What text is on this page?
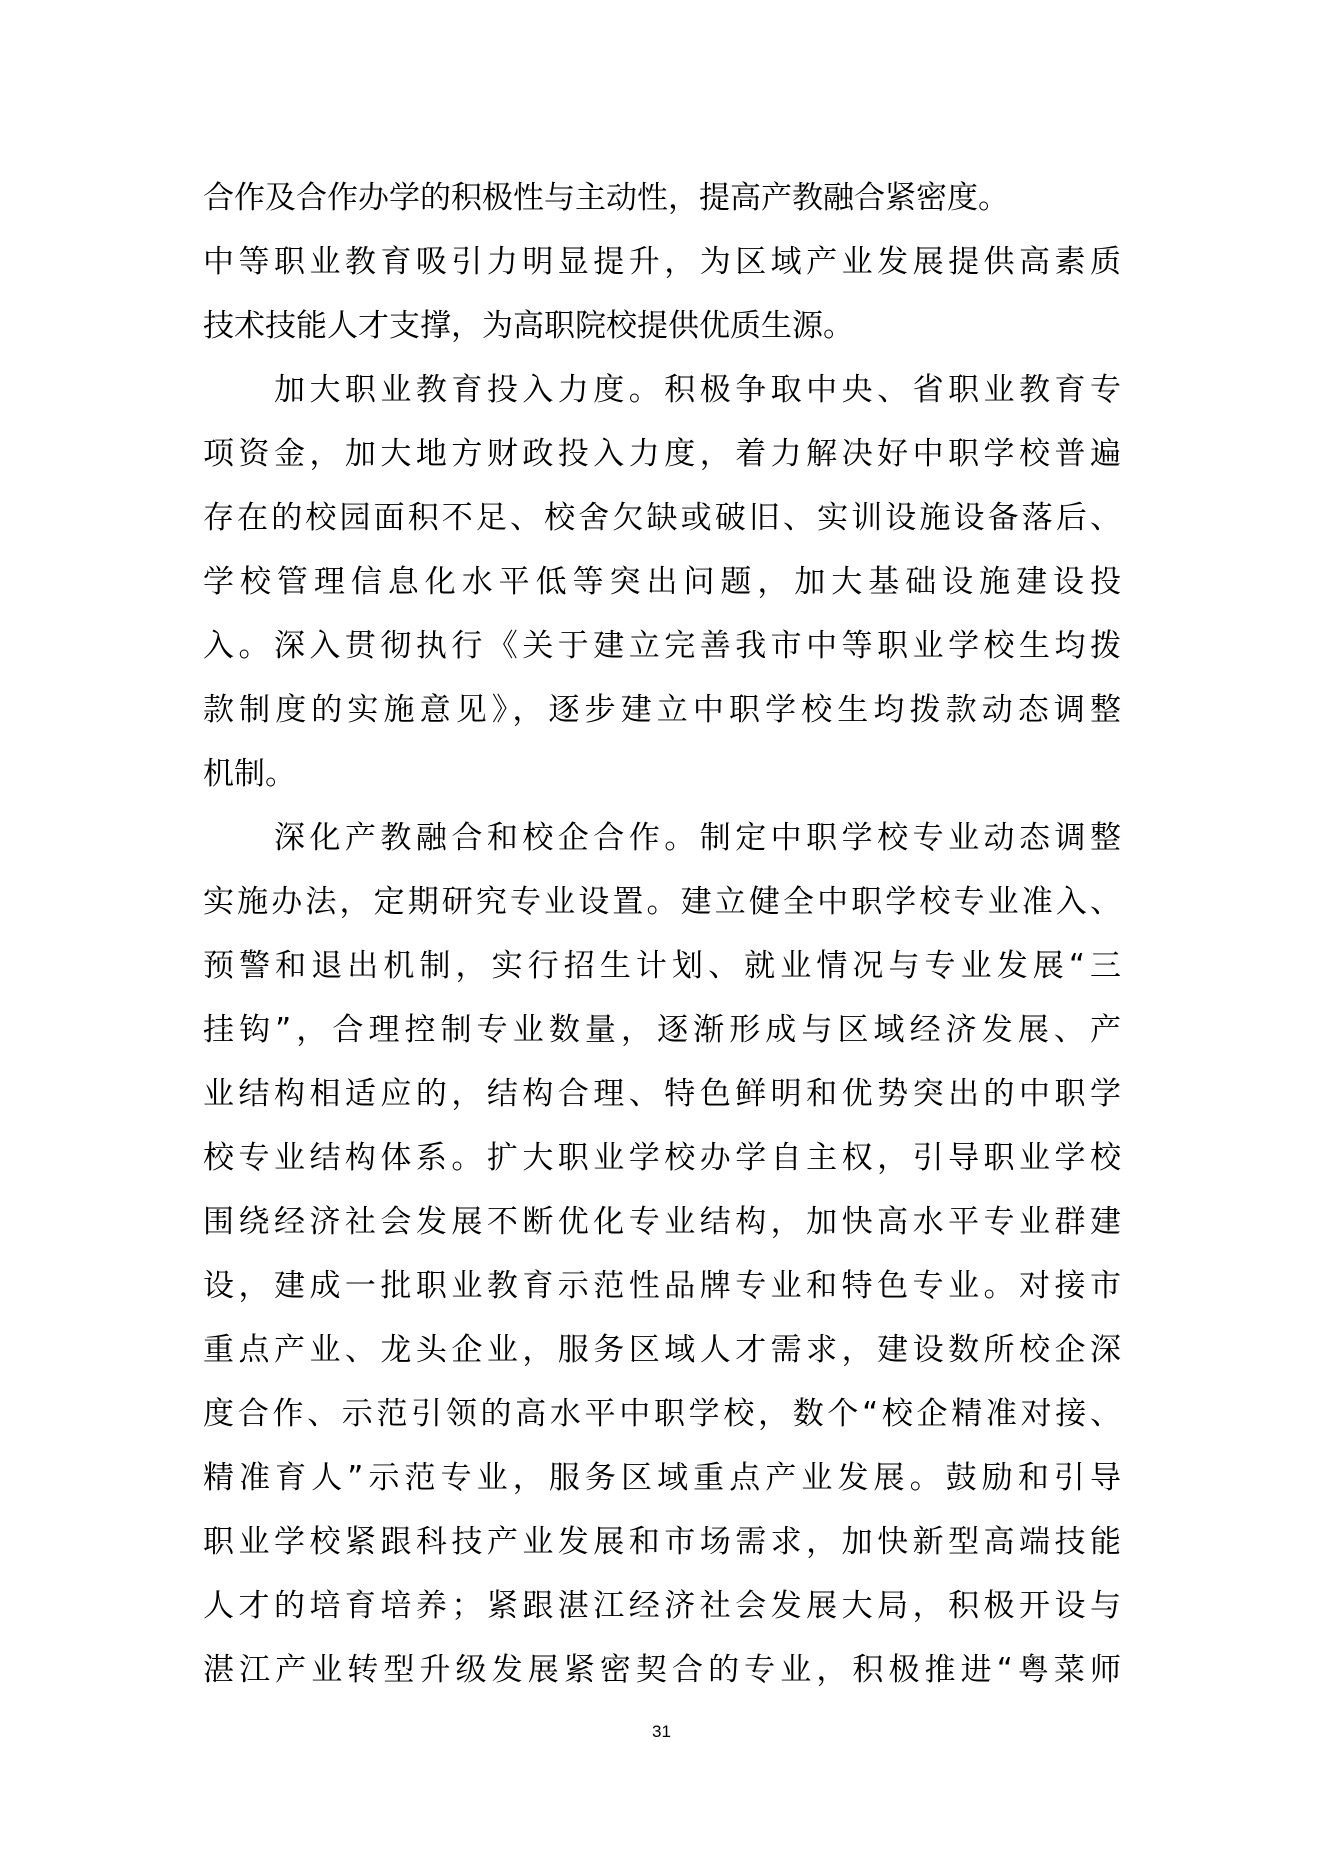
合作及合作办学的积极性与主动性，提高产教融合紧密度。
中等职业教育吸引力明显提升，为区域产业发展提供高素质
技术技能人才支撑，为高职院校提供优质生源。
　　加大职业教育投入力度。积极争取中央、省职业教育专
项资金，加大地方财政投入力度，着力解决好中职学校普遍
存在的校园面积不足、校舍欠缺或破旧、实训设施设备落后、
学校管理信息化水平低等突出问题，加大基础设施建设投
入。深入贯彻执行《关于建立完善我市中等职业学校生均拨
款制度的实施意见》，逐步建立中职学校生均拨款动态调整
机制。
　　深化产教融合和校企合作。制定中职学校专业动态调整
实施办法，定期研究专业设置。建立健全中职学校专业准入、
预警和退出机制，实行招生计划、就业情况与专业发展“三
挂钩”，合理控制专业数量，逐渐形成与区域经济发展、产
业结构相适应的，结构合理、特色鲜明和优势突出的中职学
校专业结构体系。扩大职业学校办学自主权，引导职业学校
围绕经济社会发展不断优化专业结构，加快高水平专业群建
设，建成一批职业教育示范性品牌专业和特色专业。对接市
重点产业、龙头企业，服务区域人才需求，建设数所校企深
度合作、示范引领的高水平中职学校，数个“校企精准对接、
精准育人”示范专业，服务区域重点产业发展。鼓励和引导
职业学校紧跟科技产业发展和市场需求，加快新型高端技能
人才的培育培养；紧跟湛江经济社会发展大局，积极开设与
湛江产业转型升级发展紧密契合的专业，积极推进“粤菜师
31
